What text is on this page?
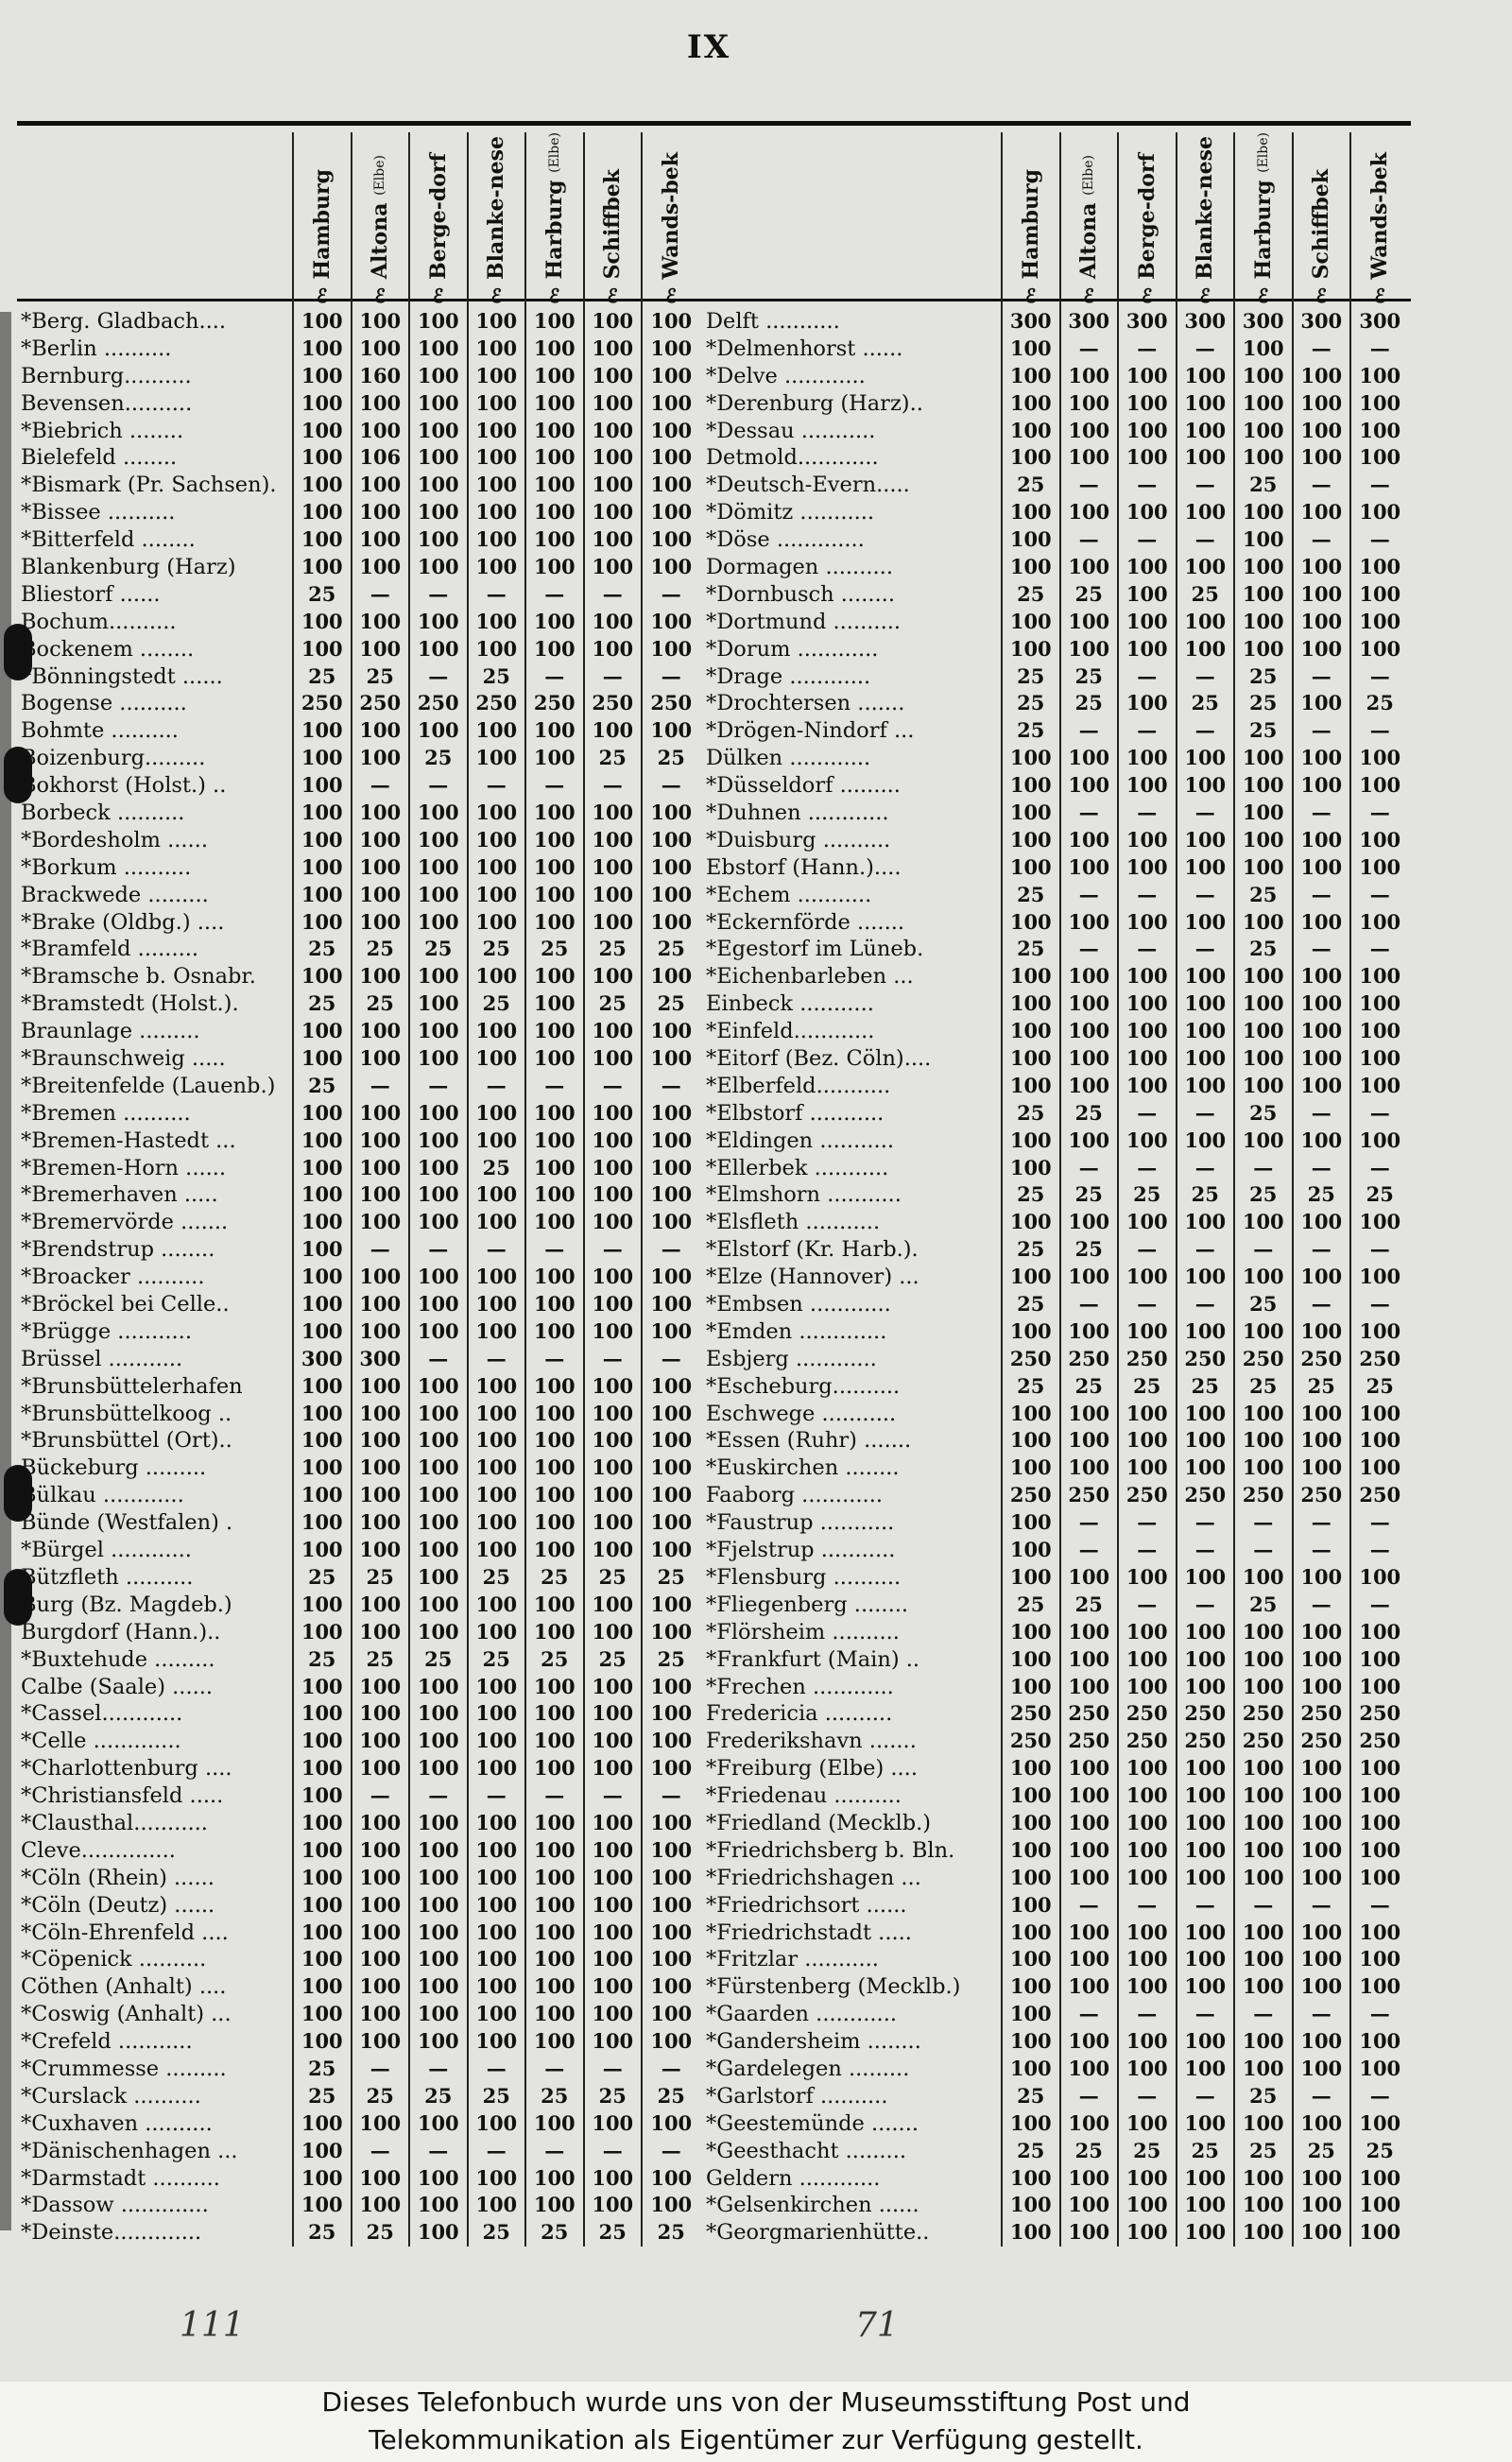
IX

	Hamburg
ℰ	Altona (Elbe)
ℰ	Berge-dorf
ℰ	Blanke-nese
ℰ	Harburg (Elbe)
ℰ	Schiffbek
ℰ	Wands-bek
ℰ

*Berg. Gladbach....	100	100	100	100	100	100	100
*Berlin ..........	100	100	100	100	100	100	100
Bernburg..........	100	160	100	100	100	100	100
Bevensen..........	100	100	100	100	100	100	100
*Biebrich ........	100	100	100	100	100	100	100
Bielefeld ........	100	106	100	100	100	100	100
*Bismark (Pr. Sachsen).	100	100	100	100	100	100	100
*Bissee ..........	100	100	100	100	100	100	100
*Bitterfeld ........	100	100	100	100	100	100	100
Blankenburg (Harz)	100	100	100	100	100	100	100
Bliestorf ......	25	—	—	—	—	—	—
Bochum..........	100	100	100	100	100	100	100
Bockenem ........	100	100	100	100	100	100	100
*Bönningstedt ......	25	25	—	25	—	—	—
Bogense ..........	250	250	250	250	250	250	250
Bohmte ..........	100	100	100	100	100	100	100
Boizenburg.........	100	100	25	100	100	25	25
Bokhorst (Holst.) ..	100	—	—	—	—	—	—
Borbeck ..........	100	100	100	100	100	100	100
*Bordesholm ......	100	100	100	100	100	100	100
*Borkum ..........	100	100	100	100	100	100	100
Brackwede .........	100	100	100	100	100	100	100
*Brake (Oldbg.) ....	100	100	100	100	100	100	100
*Bramfeld .........	25	25	25	25	25	25	25
*Bramsche b. Osnabr.	100	100	100	100	100	100	100
*Bramstedt (Holst.).	25	25	100	25	100	25	25
Braunlage .........	100	100	100	100	100	100	100
*Braunschweig .....	100	100	100	100	100	100	100
*Breitenfelde (Lauenb.)	25	—	—	—	—	—	—
*Bremen ..........	100	100	100	100	100	100	100
*Bremen-Hastedt ...	100	100	100	100	100	100	100
*Bremen-Horn ......	100	100	100	25	100	100	100
*Bremerhaven .....	100	100	100	100	100	100	100
*Bremervörde .......	100	100	100	100	100	100	100
*Brendstrup ........	100	—	—	—	—	—	—
*Broacker ..........	100	100	100	100	100	100	100
*Bröckel bei Celle..	100	100	100	100	100	100	100
*Brügge ...........	100	100	100	100	100	100	100
Brüssel ...........	300	300	—	—	—	—	—
*Brunsbüttelerhafen	100	100	100	100	100	100	100
*Brunsbüttelkoog ..	100	100	100	100	100	100	100
*Brunsbüttel (Ort)..	100	100	100	100	100	100	100
Bückeburg .........	100	100	100	100	100	100	100
Bülkau ............	100	100	100	100	100	100	100
Bünde (Westfalen) .	100	100	100	100	100	100	100
*Bürgel ............	100	100	100	100	100	100	100
Bützfleth ..........	25	25	100	25	25	25	25
Burg (Bz. Magdeb.)	100	100	100	100	100	100	100
Burgdorf (Hann.)..	100	100	100	100	100	100	100
*Buxtehude .........	25	25	25	25	25	25	25
Calbe (Saale) ......	100	100	100	100	100	100	100
*Cassel............	100	100	100	100	100	100	100
*Celle .............	100	100	100	100	100	100	100
*Charlottenburg ....	100	100	100	100	100	100	100
*Christiansfeld .....	100	—	—	—	—	—	—
*Clausthal...........	100	100	100	100	100	100	100
Cleve..............	100	100	100	100	100	100	100
*Cöln (Rhein) ......	100	100	100	100	100	100	100
*Cöln (Deutz) ......	100	100	100	100	100	100	100
*Cöln-Ehrenfeld ....	100	100	100	100	100	100	100
*Cöpenick ..........	100	100	100	100	100	100	100
Cöthen (Anhalt) ....	100	100	100	100	100	100	100
*Coswig (Anhalt) ...	100	100	100	100	100	100	100
*Crefeld ...........	100	100	100	100	100	100	100
*Crummesse .........	25	—	—	—	—	—	—
*Curslack ..........	25	25	25	25	25	25	25
*Cuxhaven ..........	100	100	100	100	100	100	100
*Dänischenhagen ...	100	—	—	—	—	—	—
*Darmstadt ..........	100	100	100	100	100	100	100
*Dassow .............	100	100	100	100	100	100	100
*Deinste.............	25	25	100	25	25	25	25

	Hamburg
ℰ	Altona (Elbe)
ℰ	Berge-dorf
ℰ	Blanke-nese
ℰ	Harburg (Elbe)
ℰ	Schiffbek
ℰ	Wands-bek
ℰ

Delft ...........	300	300	300	300	300	300	300
*Delmenhorst ......	100	—	—	—	100	—	—
*Delve ............	100	100	100	100	100	100	100
*Derenburg (Harz)..	100	100	100	100	100	100	100
*Dessau ...........	100	100	100	100	100	100	100
Detmold............	100	100	100	100	100	100	100
*Deutsch-Evern.....	25	—	—	—	25	—	—
*Dömitz ...........	100	100	100	100	100	100	100
*Döse .............	100	—	—	—	100	—	—
Dormagen ..........	100	100	100	100	100	100	100
*Dornbusch ........	25	25	100	25	100	100	100
*Dortmund ..........	100	100	100	100	100	100	100
*Dorum ............	100	100	100	100	100	100	100
*Drage ............	25	25	—	—	25	—	—
*Drochtersen .......	25	25	100	25	25	100	25
*Drögen-Nindorf ...	25	—	—	—	25	—	—
Dülken ............	100	100	100	100	100	100	100
*Düsseldorf .........	100	100	100	100	100	100	100
*Duhnen ............	100	—	—	—	100	—	—
*Duisburg ..........	100	100	100	100	100	100	100
Ebstorf (Hann.)....	100	100	100	100	100	100	100
*Echem ...........	25	—	—	—	25	—	—
*Eckernförde .......	100	100	100	100	100	100	100
*Egestorf im Lüneb.	25	—	—	—	25	—	—
*Eichenbarleben ...	100	100	100	100	100	100	100
Einbeck ...........	100	100	100	100	100	100	100
*Einfeld............	100	100	100	100	100	100	100
*Eitorf (Bez. Cöln)....	100	100	100	100	100	100	100
*Elberfeld...........	100	100	100	100	100	100	100
*Elbstorf ...........	25	25	—	—	25	—	—
*Eldingen ...........	100	100	100	100	100	100	100
*Ellerbek ...........	100	—	—	—	—	—	—
*Elmshorn ...........	25	25	25	25	25	25	25
*Elsfleth ...........	100	100	100	100	100	100	100
*Elstorf (Kr. Harb.).	25	25	—	—	—	—	—
*Elze (Hannover) ...	100	100	100	100	100	100	100
*Embsen ............	25	—	—	—	25	—	—
*Emden .............	100	100	100	100	100	100	100
Esbjerg ............	250	250	250	250	250	250	250
*Escheburg..........	25	25	25	25	25	25	25
Eschwege ...........	100	100	100	100	100	100	100
*Essen (Ruhr) .......	100	100	100	100	100	100	100
*Euskirchen ........	100	100	100	100	100	100	100
Faaborg ............	250	250	250	250	250	250	250
*Faustrup ...........	100	—	—	—	—	—	—
*Fjelstrup ...........	100	—	—	—	—	—	—
*Flensburg ..........	100	100	100	100	100	100	100
*Fliegenberg ........	25	25	—	—	25	—	—
*Flörsheim ..........	100	100	100	100	100	100	100
*Frankfurt (Main) ..	100	100	100	100	100	100	100
*Frechen ............	100	100	100	100	100	100	100
Fredericia ..........	250	250	250	250	250	250	250
Frederikshavn .......	250	250	250	250	250	250	250
*Freiburg (Elbe) ....	100	100	100	100	100	100	100
*Friedenau ..........	100	100	100	100	100	100	100
*Friedland (Mecklb.)	100	100	100	100	100	100	100
*Friedrichsberg b. Bln.	100	100	100	100	100	100	100
*Friedrichshagen ...	100	100	100	100	100	100	100
*Friedrichsort ......	100	—	—	—	—	—	—
*Friedrichstadt .....	100	100	100	100	100	100	100
*Fritzlar ...........	100	100	100	100	100	100	100
*Fürstenberg (Mecklb.)	100	100	100	100	100	100	100
*Gaarden ............	100	—	—	—	—	—	—
*Gandersheim ........	100	100	100	100	100	100	100
*Gardelegen .........	100	100	100	100	100	100	100
*Garlstorf ..........	25	—	—	—	25	—	—
*Geestemünde .......	100	100	100	100	100	100	100
*Geesthacht .........	25	25	25	25	25	25	25
Geldern ............	100	100	100	100	100	100	100
*Gelsenkirchen ......	100	100	100	100	100	100	100
*Georgmarienhütte..	100	100	100	100	100	100	100
111	71
Dieses Telefonbuch wurde uns von der Museumsstiftung Post und
Telekommunikation als Eigentümer zur Verfügung gestellt.
